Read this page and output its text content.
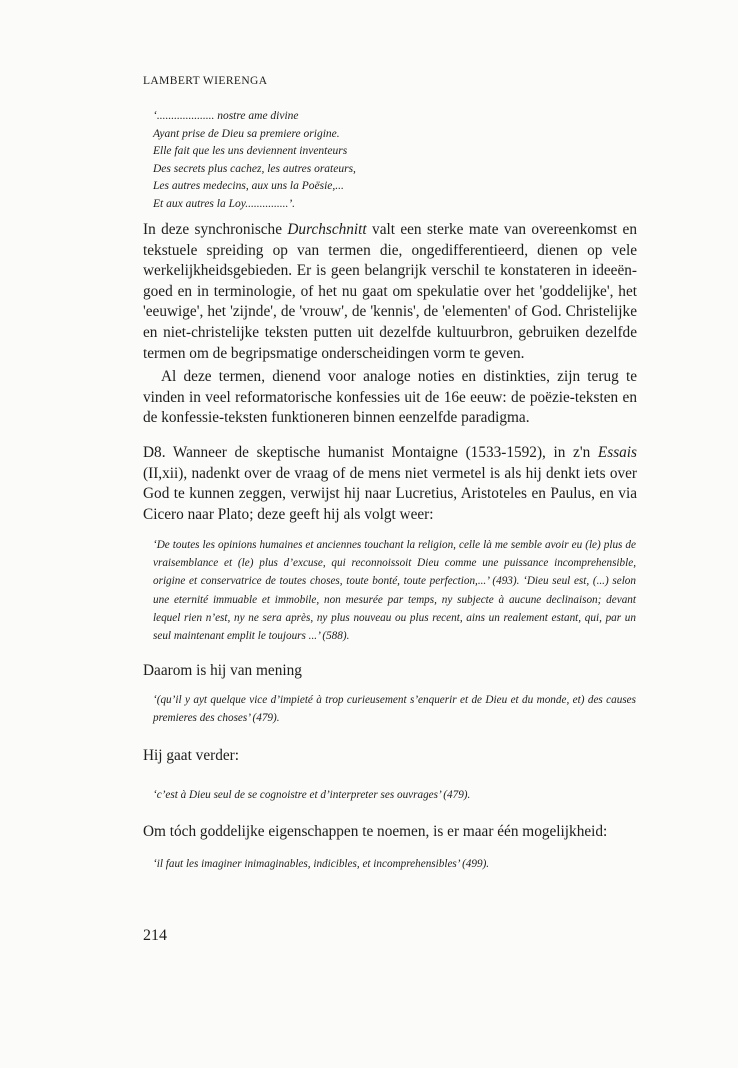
LAMBERT WIERENGA
‘.................... nostre ame divine
Ayant prise de Dieu sa premiere origine.
Elle fait que les uns deviennent inventeurs
Des secrets plus cachez, les autres orateurs,
Les autres medecins, aux uns la Poësie,...
Et aux autres la Loy...............’.
In deze synchronische Durchschnitt valt een sterke mate van overeenkomst en tekstuele spreiding op van termen die, ongedifferentieerd, dienen op vele werkelijkheidsgebieden. Er is geen belangrijk verschil te konstateren in ideeën-goed en in terminologie, of het nu gaat om spekulatie over het 'goddelijke', het 'eeuwige', het 'zijnde', de 'vrouw', de 'kennis', de 'elementen' of God. Christelijke en niet-christelijke teksten putten uit dezelfde kultuurbron, gebruiken dezelfde termen om de begripsmatige onderscheidingen vorm te geven.
Al deze termen, dienend voor analoge noties en distinkties, zijn terug te vinden in veel reformatorische konfessies uit de 16e eeuw: de poëzie-teksten en de konfessie-teksten funktioneren binnen eenzelfde paradigma.
D8. Wanneer de skeptische humanist Montaigne (1533-1592), in z'n Essais (II,xii), nadenkt over de vraag of de mens niet vermetel is als hij denkt iets over God te kunnen zeggen, verwijst hij naar Lucretius, Aristoteles en Paulus, en via Cicero naar Plato; deze geeft hij als volgt weer:
‘De toutes les opinions humaines et anciennes touchant la religion, celle là me semble avoir eu (le) plus de vraisemblance et (le) plus d’excuse, qui reconnoissoit Dieu comme une puissance incomprehensible, origine et conservatrice de toutes choses, toute bonté, toute perfection,...’ (493). ‘Dieu seul est, (...) selon une eternité immuable et immobile, non mesurée par temps, ny subjecte à aucune declinaison; devant lequel rien n’est, ny ne sera après, ny plus nouveau ou plus recent, ains un realement estant, qui, par un seul maintenant emplit le toujours ...’ (588).
Daarom is hij van mening
‘(qu’il y ayt quelque vice d’impieté à trop curieusement s’enquerir et de Dieu et du monde, et) des causes premieres des choses’ (479).
Hij gaat verder:
‘c’est à Dieu seul de se cognoistre et d’interpreter ses ouvrages’ (479).
Om tóch goddelijke eigenschappen te noemen, is er maar één mogelijkheid:
‘il faut les imaginer inimaginables, indicibles, et incomprehensibles’ (499).
214
